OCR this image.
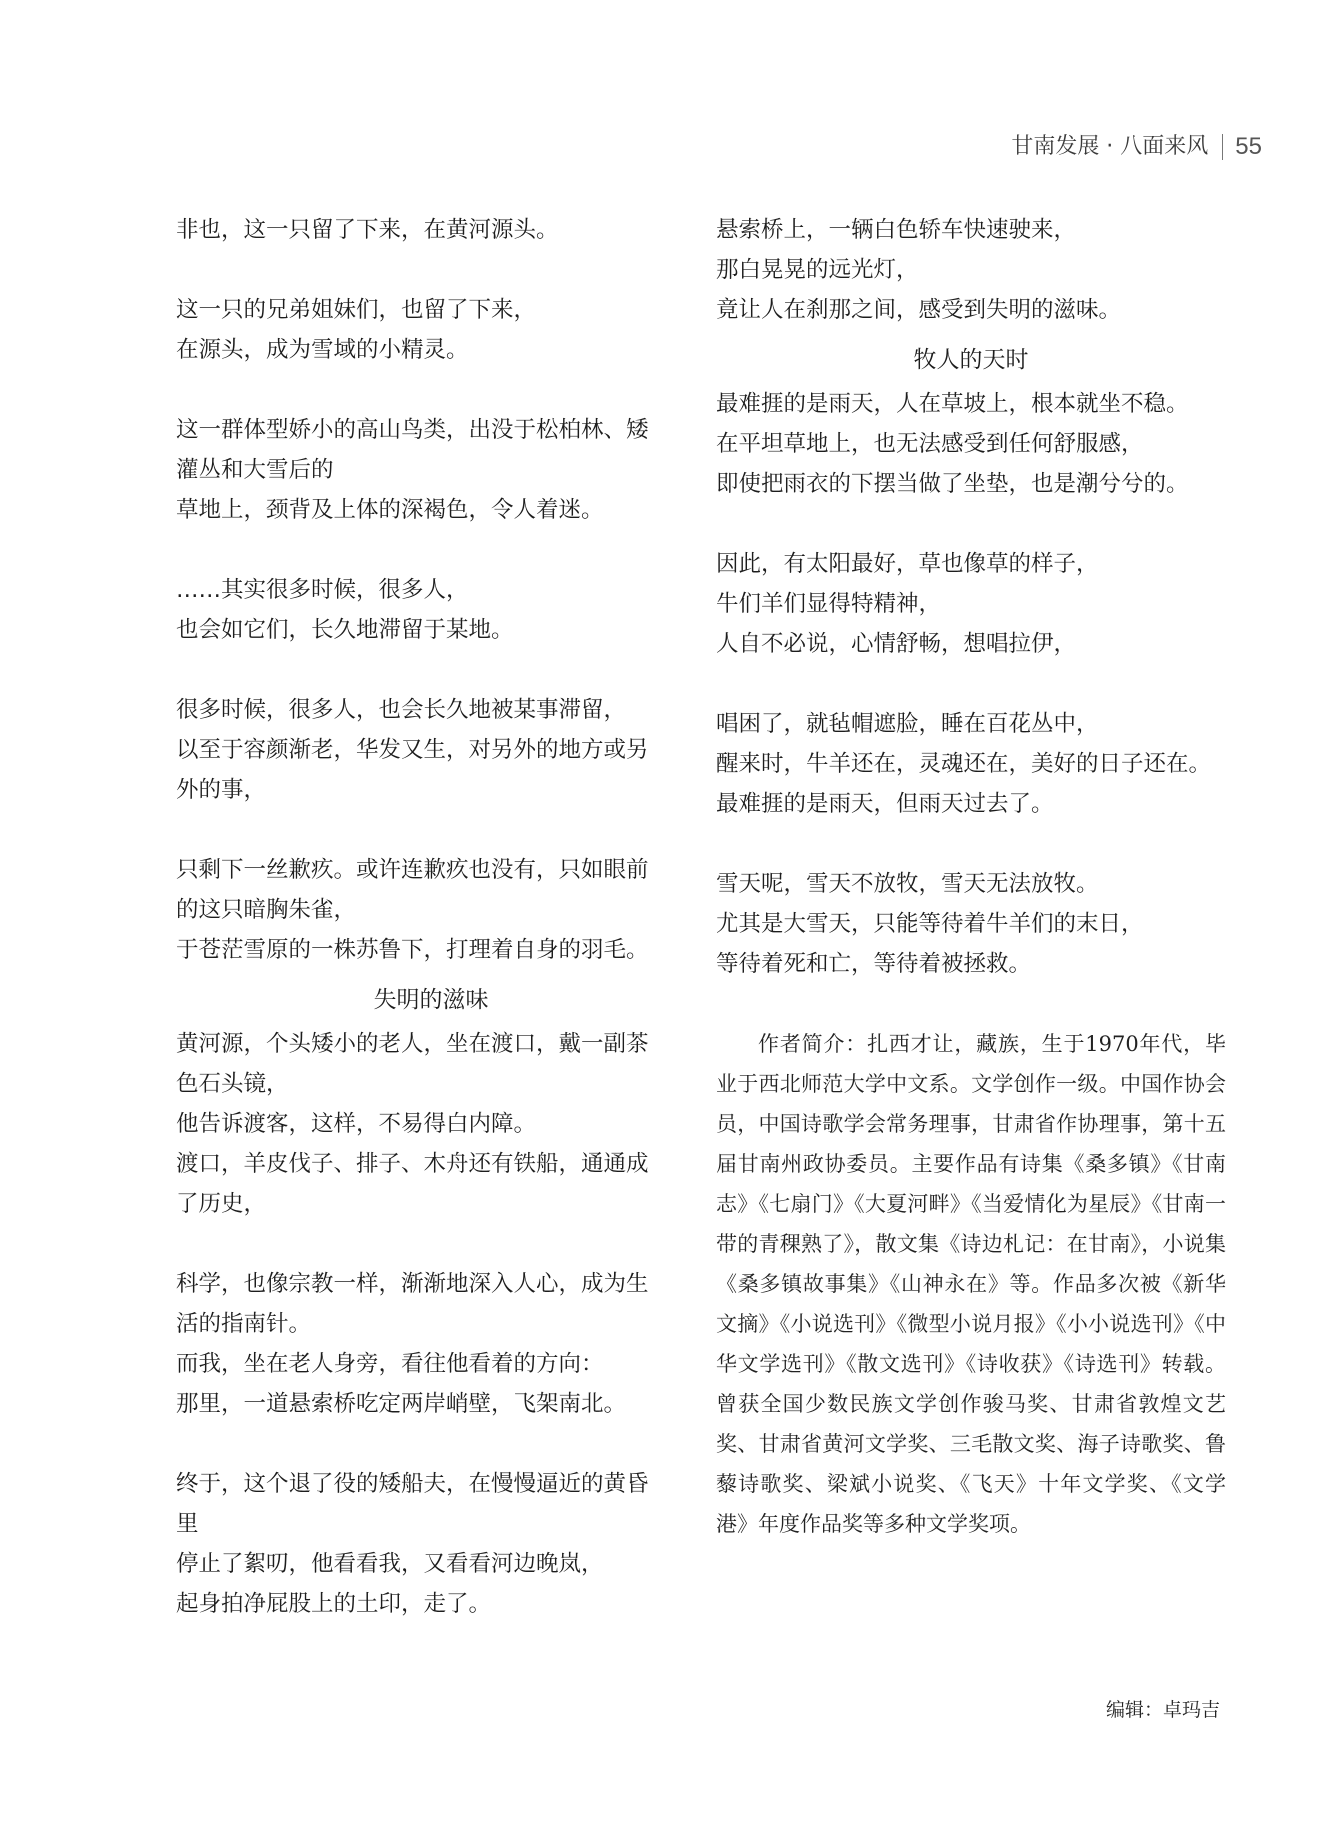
甘南发展 · 八面来风 55
非也，这一只留了下来，在黄河源头。
这一只的兄弟姐妹们，也留了下来，
在源头，成为雪域的小精灵。
这一群体型娇小的高山鸟类，出没于松柏林、矮
灌丛和大雪后的
草地上，颈背及上体的深褐色，令人着迷。
……其实很多时候，很多人，
也会如它们，长久地滞留于某地。
很多时候，很多人，也会长久地被某事滞留，
以至于容颜渐老，华发又生，对另外的地方或另
外的事，
只剩下一丝歉疚。或许连歉疚也没有，只如眼前
的这只暗胸朱雀，
于苍茫雪原的一株苏鲁下，打理着自身的羽毛。
失明的滋味
黄河源，个头矮小的老人，坐在渡口，戴一副茶
色石头镜，
他告诉渡客，这样，不易得白内障。
渡口，羊皮伐子、排子、木舟还有铁船，通通成
了历史，
科学，也像宗教一样，渐渐地深入人心，成为生
活的指南针。
而我，坐在老人身旁，看往他看着的方向：
那里，一道悬索桥吃定两岸峭壁，飞架南北。
终于，这个退了役的矮船夫，在慢慢逼近的黄昏
里
停止了絮叨，他看看我，又看看河边晚岚，
起身拍净屁股上的土印，走了。
悬索桥上，一辆白色轿车快速驶来，
那白晃晃的远光灯，
竟让人在刹那之间，感受到失明的滋味。
牧人的天时
最难捱的是雨天，人在草坡上，根本就坐不稳。
在平坦草地上，也无法感受到任何舒服感，
即使把雨衣的下摆当做了坐垫，也是潮兮兮的。
因此，有太阳最好，草也像草的样子，
牛们羊们显得特精神，
人自不必说，心情舒畅，想唱拉伊，
唱困了，就毡帽遮脸，睡在百花丛中，
醒来时，牛羊还在，灵魂还在，美好的日子还在。
最难捱的是雨天，但雨天过去了。
雪天呢，雪天不放牧，雪天无法放牧。
尤其是大雪天，只能等待着牛羊们的末日，
等待着死和亡，等待着被拯救。

作者简介：扎西才让，藏族，生于1970年代，毕业于西北师范大学中文系。文学创作一级。中国作协会员，中国诗歌学会常务理事，甘肃省作协理事，第十五届甘南州政协委员。主要作品有诗集《桑多镇》《甘南志》《七扇门》《大夏河畔》《当爱情化为星辰》《甘南一带的青稞熟了》，散文集《诗边札记：在甘南》，小说集《桑多镇故事集》《山神永在》等。作品多次被《新华文摘》《小说选刊》《微型小说月报》《小小说选刊》《中华文学选刊》《散文选刊》《诗收获》《诗选刊》转载。曾获全国少数民族文学创作骏马奖、甘肃省敦煌文艺奖、甘肃省黄河文学奖、三毛散文奖、海子诗歌奖、鲁藜诗歌奖、梁斌小说奖、《飞天》十年文学奖、《文学港》年度作品奖等多种文学奖项。

编辑：卓玛吉
